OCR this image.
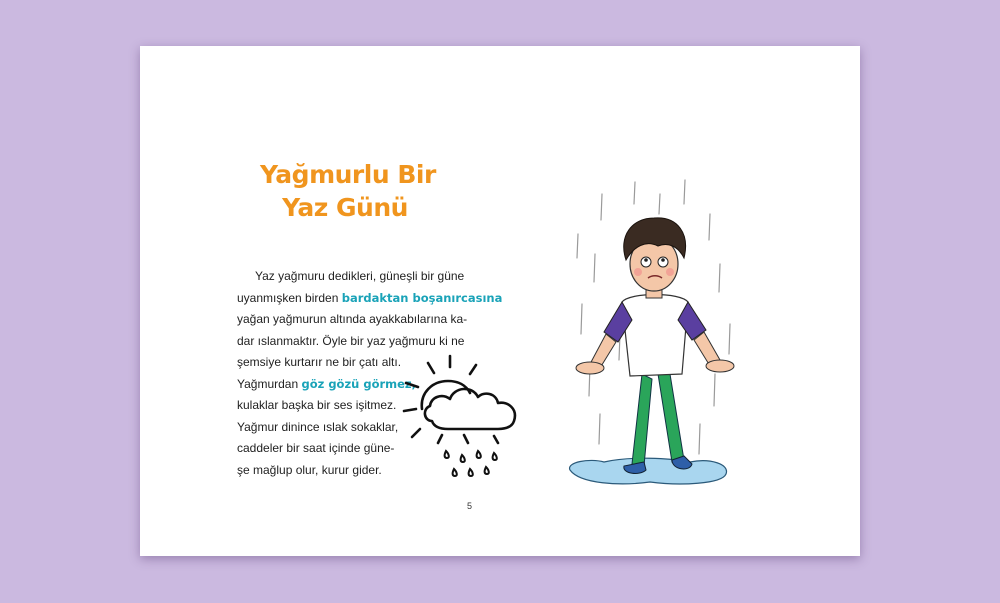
Yağmurlu Bir
Yaz Günü
Yaz yağmuru dedikleri, güneşli bir güne
uyanmışken birden bardaktan boşanırcasına
yağan yağmurun altında ayakkabılarına ka-
dar ıslanmaktır. Öyle bir yaz yağmuru ki ne
şemsiye kurtarır ne bir çatı altı.
Yağmurdan göz gözü görmez,
kulaklar başka bir ses işitmez.
Yağmur dinince ıslak sokaklar,
caddeler bir saat içinde güne-
şe mağlup olur, kurur gider.
5
